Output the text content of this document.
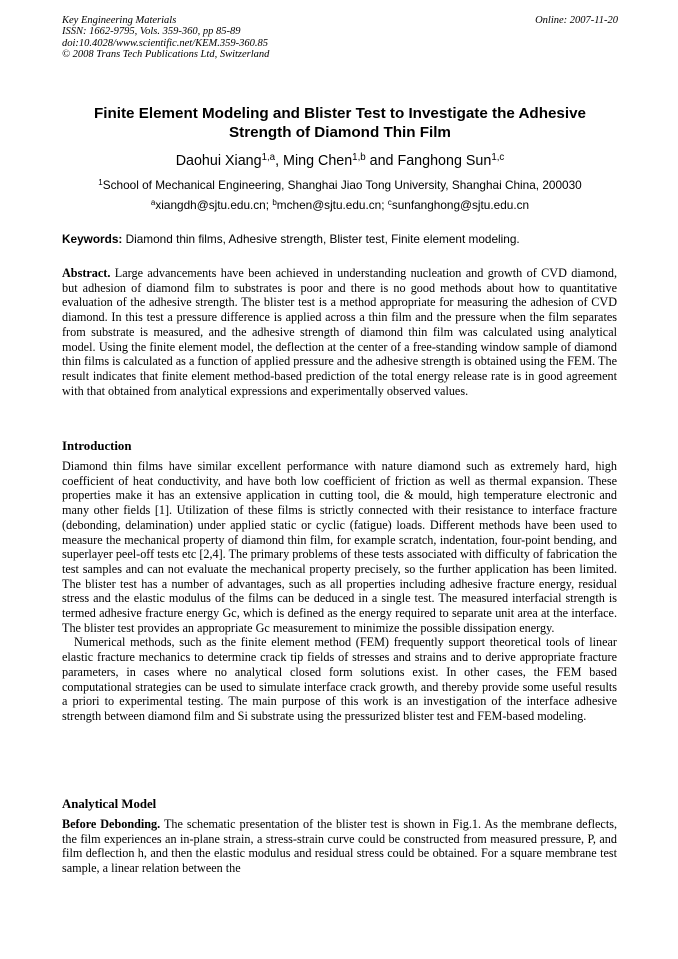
Key Engineering Materials
ISSN: 1662-9795, Vols. 359-360, pp 85-89
doi:10.4028/www.scientific.net/KEM.359-360.85
© 2008 Trans Tech Publications Ltd, Switzerland
Online: 2007-11-20
Finite Element Modeling and Blister Test to Investigate the Adhesive
Strength of Diamond Thin Film
Daohui Xiang$^{1,a}$, Ming Chen$^{1,b}$ and Fanghong Sun$^{1,c}$
$^1$School of Mechanical Engineering, Shanghai Jiao Tong University, Shanghai China, 200030
$^a$xiangdh@sjtu.edu.cn; $^b$mchen@sjtu.edu.cn; $^c$sunfanghong@sjtu.edu.cn
Keywords: Diamond thin films, Adhesive strength, Blister test, Finite element modeling.
Abstract. Large advancements have been achieved in understanding nucleation and growth of CVD diamond, but adhesion of diamond film to substrates is poor and there is no good methods about how to quantitative evaluation of the adhesive strength. The blister test is a method appropriate for measuring the adhesion of CVD diamond. In this test a pressure difference is applied across a thin film and the pressure when the film separates from substrate is measured, and the adhesive strength of diamond thin film was calculated using analytical model. Using the finite element model, the deflection at the center of a free-standing window sample of diamond thin films is calculated as a function of applied pressure and the adhesive strength is obtained using the FEM. The result indicates that finite element method-based prediction of the total energy release rate is in good agreement with that obtained from analytical expressions and experimentally observed values.
Introduction

Diamond thin films have similar excellent performance with nature diamond such as extremely hard, high coefficient of heat conductivity, and have both low coefficient of friction as well as thermal expansion. These properties make it has an extensive application in cutting tool, die & mould, high temperature electronic and many other fields [1]. Utilization of these films is strictly connected with their resistance to interface fracture (debonding, delamination) under applied static or cyclic (fatigue) loads. Different methods have been used to measure the mechanical property of diamond thin film, for example scratch, indentation, four-point bending, and superlayer peel-off tests etc [2,4]. The primary problems of these tests associated with difficulty of fabrication the test samples and can not evaluate the mechanical property precisely, so the further application has been limited. The blister test has a number of advantages, such as all properties including adhesive fracture energy, residual stress and the elastic modulus of the films can be deduced in a single test. The measured interfacial strength is termed adhesive fracture energy Gc, which is defined as the energy required to separate unit area at the interface. The blister test provides an appropriate Gc measurement to minimize the possible dissipation energy.

Numerical methods, such as the finite element method (FEM) frequently support theoretical tools of linear elastic fracture mechanics to determine crack tip fields of stresses and strains and to derive appropriate fracture parameters, in cases where no analytical closed form solutions exist. In other cases, the FEM based computational strategies can be used to simulate interface crack growth, and thereby provide some useful results a priori to experimental testing. The main purpose of this work is an investigation of the interface adhesive strength between diamond film and Si substrate using the pressurized blister test and FEM-based modeling.

Analytical Model
Before Debonding. The schematic presentation of the blister test is shown in Fig.1. As the membrane deflects, the film experiences an in-plane strain, a stress-strain curve could be constructed from measured pressure, P, and film deflection h, and then the elastic modulus and residual stress could be obtained. For a square membrane test sample, a linear relation between the
